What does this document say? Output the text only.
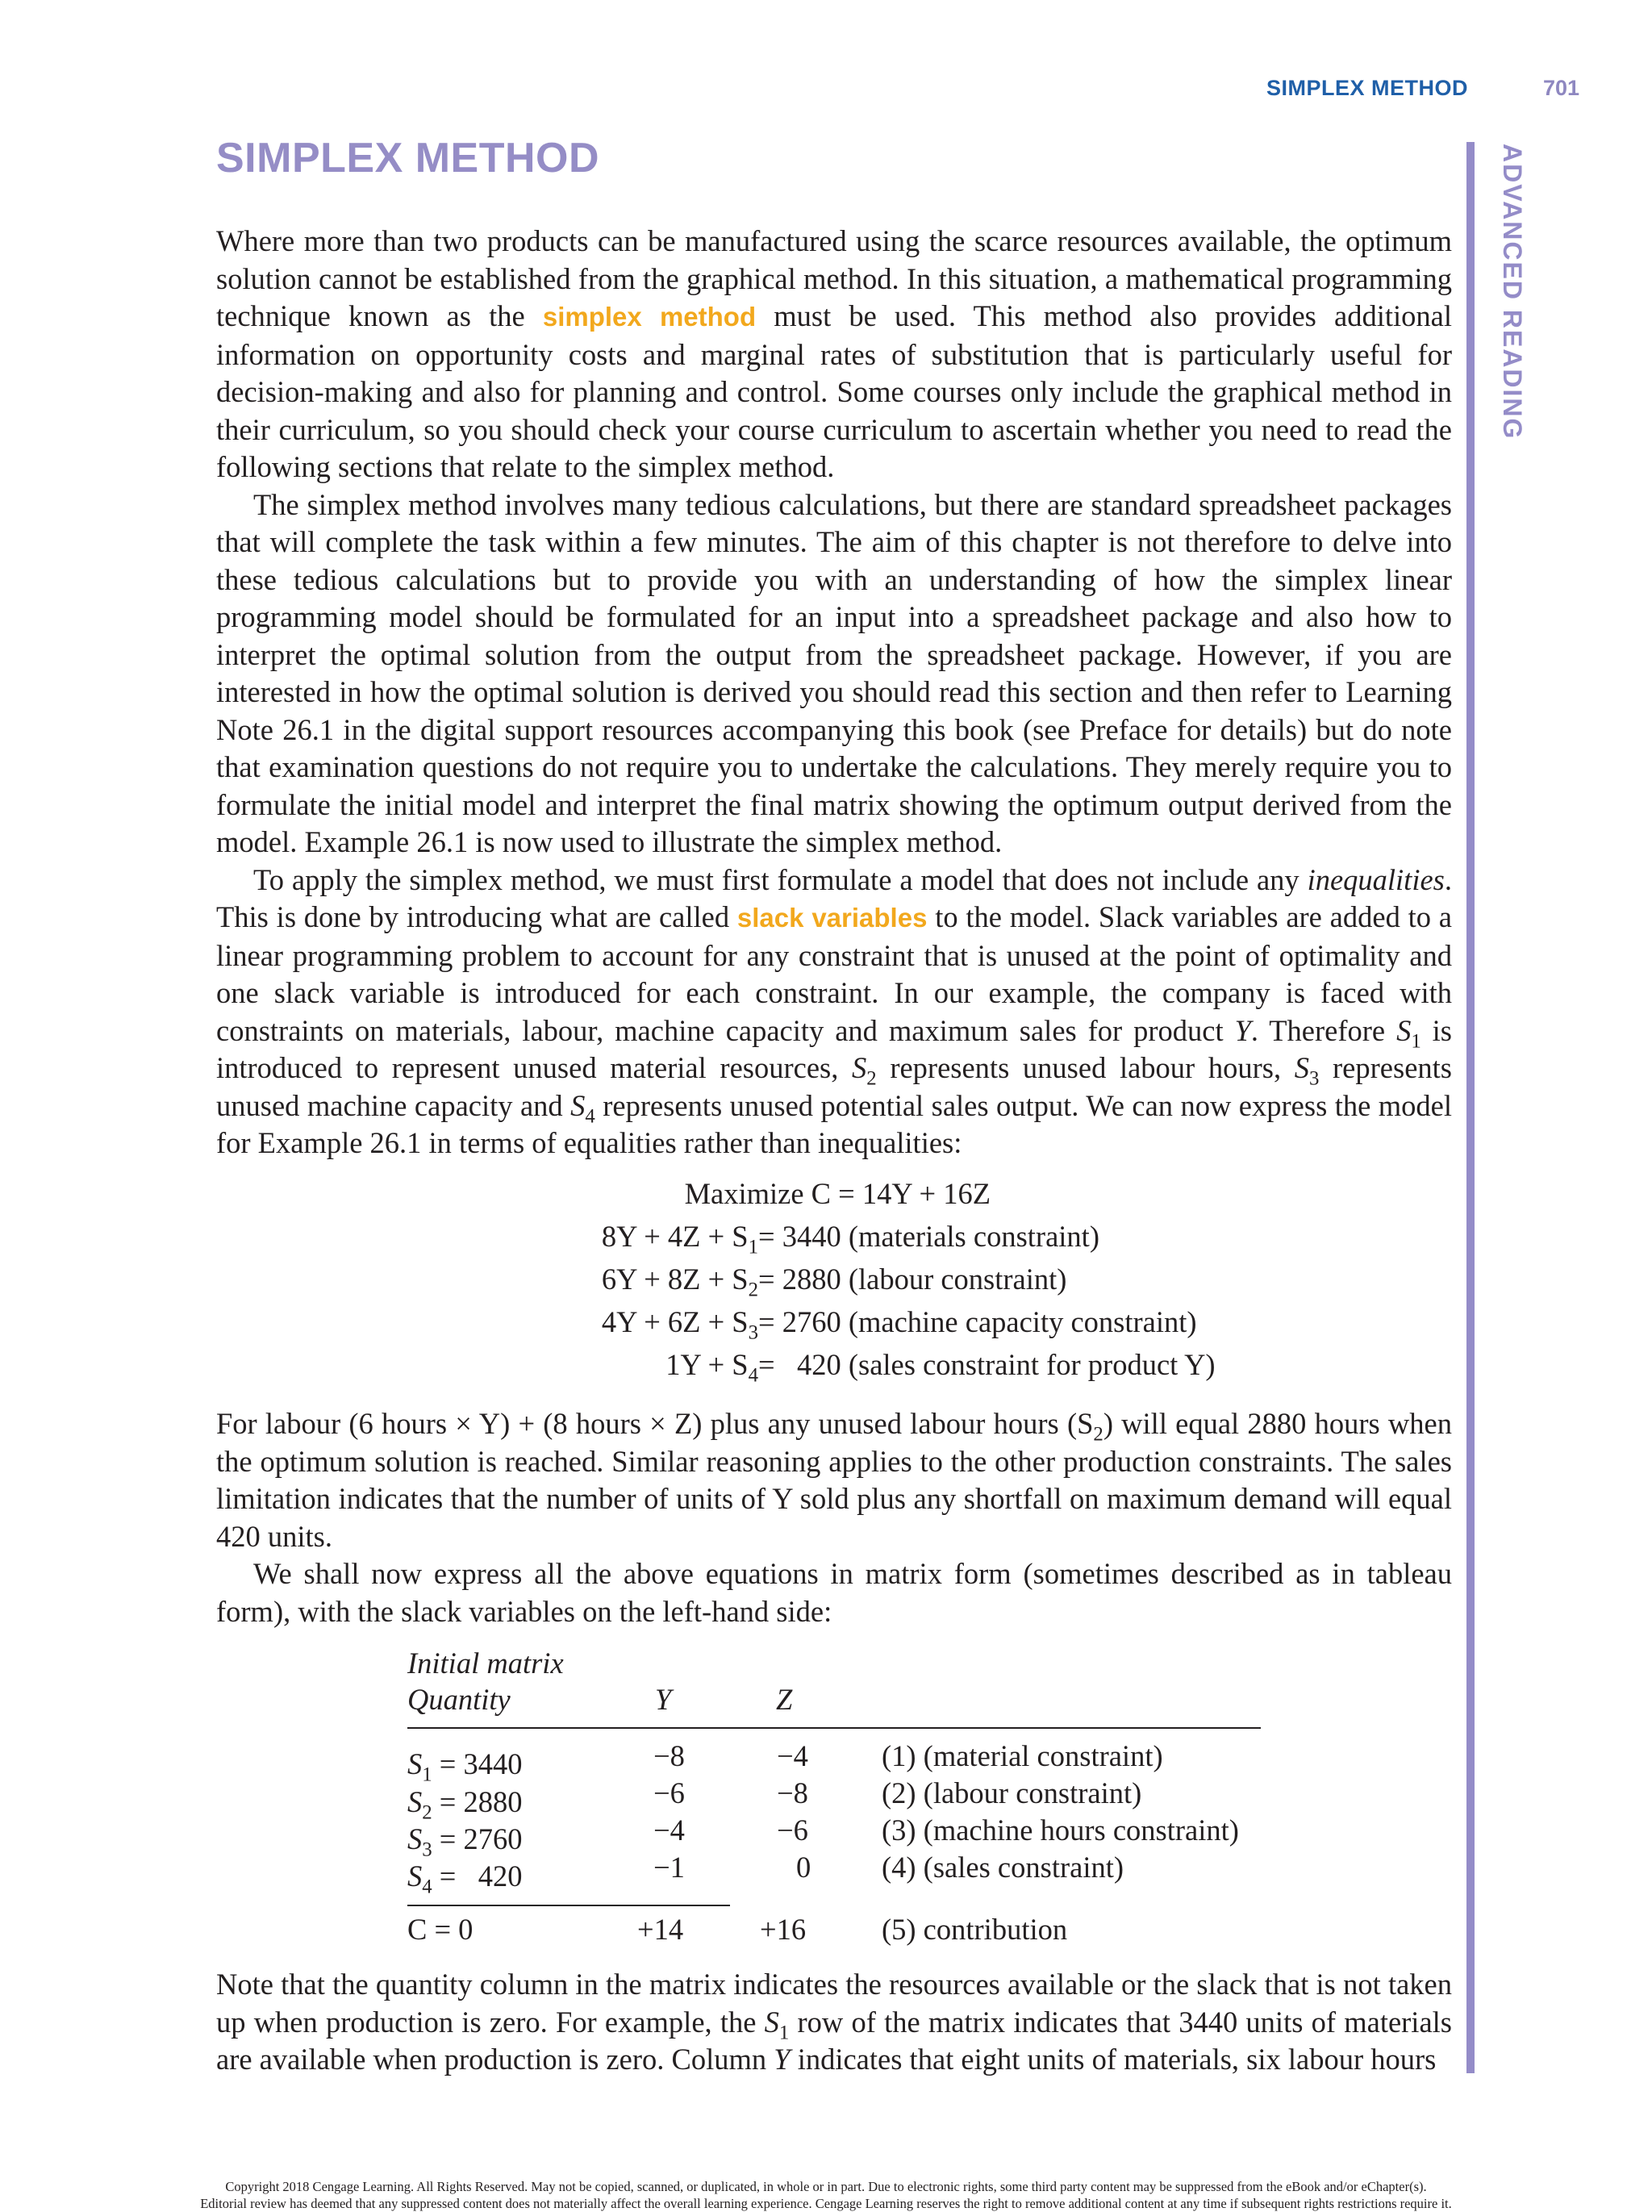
SIMPLEX METHOD	701
ADVANCED READING
SIMPLEX METHOD

Where more than two products can be manufactured using the scarce resources available, the optimum solution cannot be established from the graphical method. In this situation, a mathematical programming technique known as the simplex method must be used. This method also provides additional information on opportunity costs and marginal rates of substitution that is particularly useful for decision-making and also for planning and control. Some courses only include the graphical method in their curriculum, so you should check your course curriculum to ascertain whether you need to read the following sections that relate to the simplex method.

The simplex method involves many tedious calculations, but there are standard spreadsheet packages that will complete the task within a few minutes. The aim of this chapter is not therefore to delve into these tedious calculations but to provide you with an understanding of how the simplex linear programming model should be formulated for an input into a spreadsheet package and also how to interpret the optimal solution from the output from the spreadsheet package. However, if you are interested in how the optimal solution is derived you should read this section and then refer to Learning Note 26.1 in the digital support resources accompanying this book (see Preface for details) but do note that examination questions do not require you to undertake the calculations. They merely require you to formulate the initial model and interpret the final matrix showing the optimum output derived from the model. Example 26.1 is now used to illustrate the simplex method.

To apply the simplex method, we must first formulate a model that does not include any inequalities. This is done by introducing what are called slack variables to the model. Slack variables are added to a linear programming problem to account for any constraint that is unused at the point of optimality and one slack variable is introduced for each constraint. In our example, the company is faced with constraints on materials, labour, machine capacity and maximum sales for product Y. Therefore $S_1$ is introduced to represent unused material resources, $S_2$ represents unused labour hours, $S_3$ represents unused machine capacity and $S_4$ represents unused potential sales output. We can now express the model for Example 26.1 in terms of equalities rather than inequalities:

Maximize C = 14Y + 16Z
$8Y + 4Z + S_1 = 3440$ (materials constraint)
$6Y + 8Z + S_2 = 2880$ (labour constraint)
$4Y + 6Z + S_3 = 2760$ (machine capacity constraint)
$1Y + S_4 = 420$ (sales constraint for product Y)

For labour (6 hours × Y) + (8 hours × Z) plus any unused labour hours $(S_2)$ will equal 2880 hours when the optimum solution is reached. Similar reasoning applies to the other production constraints. The sales limitation indicates that the number of units of Y sold plus any shortfall on maximum demand will equal 420 units.

We shall now express all the above equations in matrix form (sometimes described as in tableau form), with the slack variables on the left-hand side:

Initial matrix
Quantity	Y	Z
$S_1 = 3440$	−8	−4 (1) (material constraint)
$S_2 = 2880$	−6	−8 (2) (labour constraint)
$S_3 = 2760$	−4	−6 (3) (machine hours constraint)
$S_4 = 420$	−1	0 (4) (sales constraint)
C = 0	+14	+16	(5) contribution

Note that the quantity column in the matrix indicates the resources available or the slack that is not taken up when production is zero. For example, the $S_1$ row of the matrix indicates that 3440 units of materials are available when production is zero. Column Y indicates that eight units of materials, six labour hours

Copyright 2018 Cengage Learning. All Rights Reserved. May not be copied, scanned, or duplicated, in whole or in part. Due to electronic rights, some third party content may be suppressed from the eBook and/or eChapter(s).
Editorial review has deemed that any suppressed content does not materially affect the overall learning experience. Cengage Learning reserves the right to remove additional content at any time if subsequent rights restrictions require it.
